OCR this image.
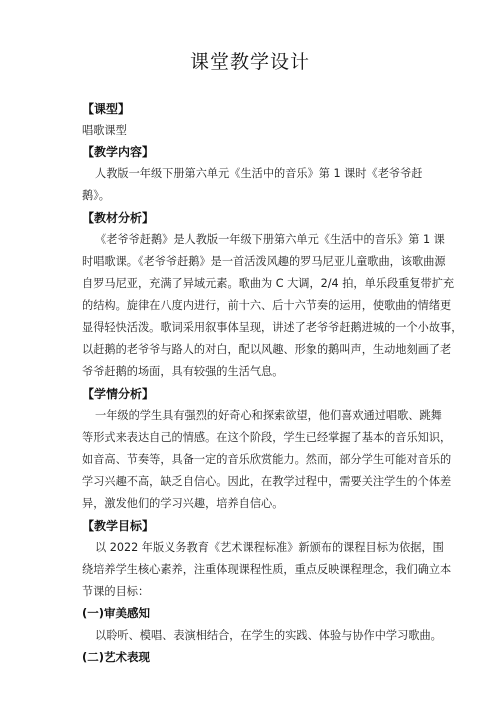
课堂教学设计
【课型】
唱歌课型
【教学内容】
人教版一年级下册第六单元《生活中的音乐》第 1 课时《老爷爷赶
鹅》。
【教材分析】
《老爷爷赶鹅》是人教版一年级下册第六单元《生活中的音乐》第 1 课
时唱歌课。《老爷爷赶鹅》是一首活泼风趣的罗马尼亚儿童歌曲，该歌曲源
自罗马尼亚，充满了异域元素。歌曲为 C 大调，2/4 拍，单乐段重复带扩充
的结构。旋律在八度内进行，前十六、后十六节奏的运用，使歌曲的情绪更
显得轻快活泼。歌词采用叙事体呈现，讲述了老爷爷赶鹅进城的一个小故事，
以赶鹅的老爷爷与路人的对白，配以风趣、形象的鹅叫声，生动地刻画了老
爷爷赶鹅的场面，具有较强的生活气息。
【学情分析】
一年级的学生具有强烈的好奇心和探索欲望，他们喜欢通过唱歌、跳舞
等形式来表达自己的情感。在这个阶段，学生已经掌握了基本的音乐知识，
如音高、节奏等，具备一定的音乐欣赏能力。然而，部分学生可能对音乐的
学习兴趣不高，缺乏自信心。因此，在教学过程中，需要关注学生的个体差
异，激发他们的学习兴趣，培养自信心。
【教学目标】
以 2022 年版义务教育《艺术课程标准》新颁布的课程目标为依据，围
绕培养学生核心素养，注重体现课程性质，重点反映课程理念，我们确立本
节课的目标：
(一)审美感知
以聆听、模唱、表演相结合，在学生的实践、体验与协作中学习歌曲。
(二)艺术表现
